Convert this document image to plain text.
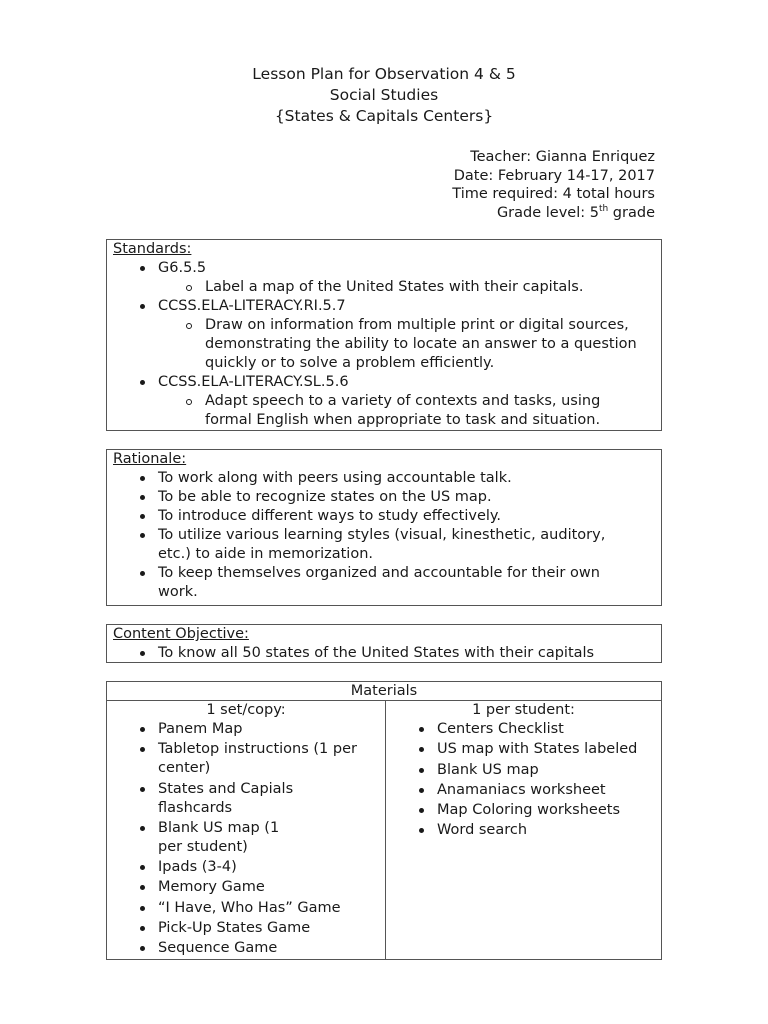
Lesson Plan for Observation 4 & 5
Social Studies
{States & Capitals Centers}
Teacher: Gianna Enriquez
Date: February 14-17, 2017
Time required: 4 total hours
Grade level: 5th grade
Standards:
G6.5.5
Label a map of the United States with their capitals.
CCSS.ELA-LITERACY.RI.5.7
Draw on information from multiple print or digital sources, demonstrating the ability to locate an answer to a question quickly or to solve a problem efficiently.
CCSS.ELA-LITERACY.SL.5.6
Adapt speech to a variety of contexts and tasks, using formal English when appropriate to task and situation.
Rationale:
To work along with peers using accountable talk.
To be able to recognize states on the US map.
To introduce different ways to study effectively.
To utilize various learning styles (visual, kinesthetic, auditory, etc.) to aide in memorization.
To keep themselves organized and accountable for their own work.
Content Objective:
To know all 50 states of the United States with their capitals
Materials
1 set/copy:
Panem Map
Tabletop instructions (1 per center)
States and Capials flashcards
Blank US map (1 per student)
Ipads (3-4)
Memory Game
“I Have, Who Has” Game
Pick-Up States Game
Sequence Game
1 per student:
Centers Checklist
US map with States labeled
Blank US map
Anamaniacs worksheet
Map Coloring worksheets
Word search
